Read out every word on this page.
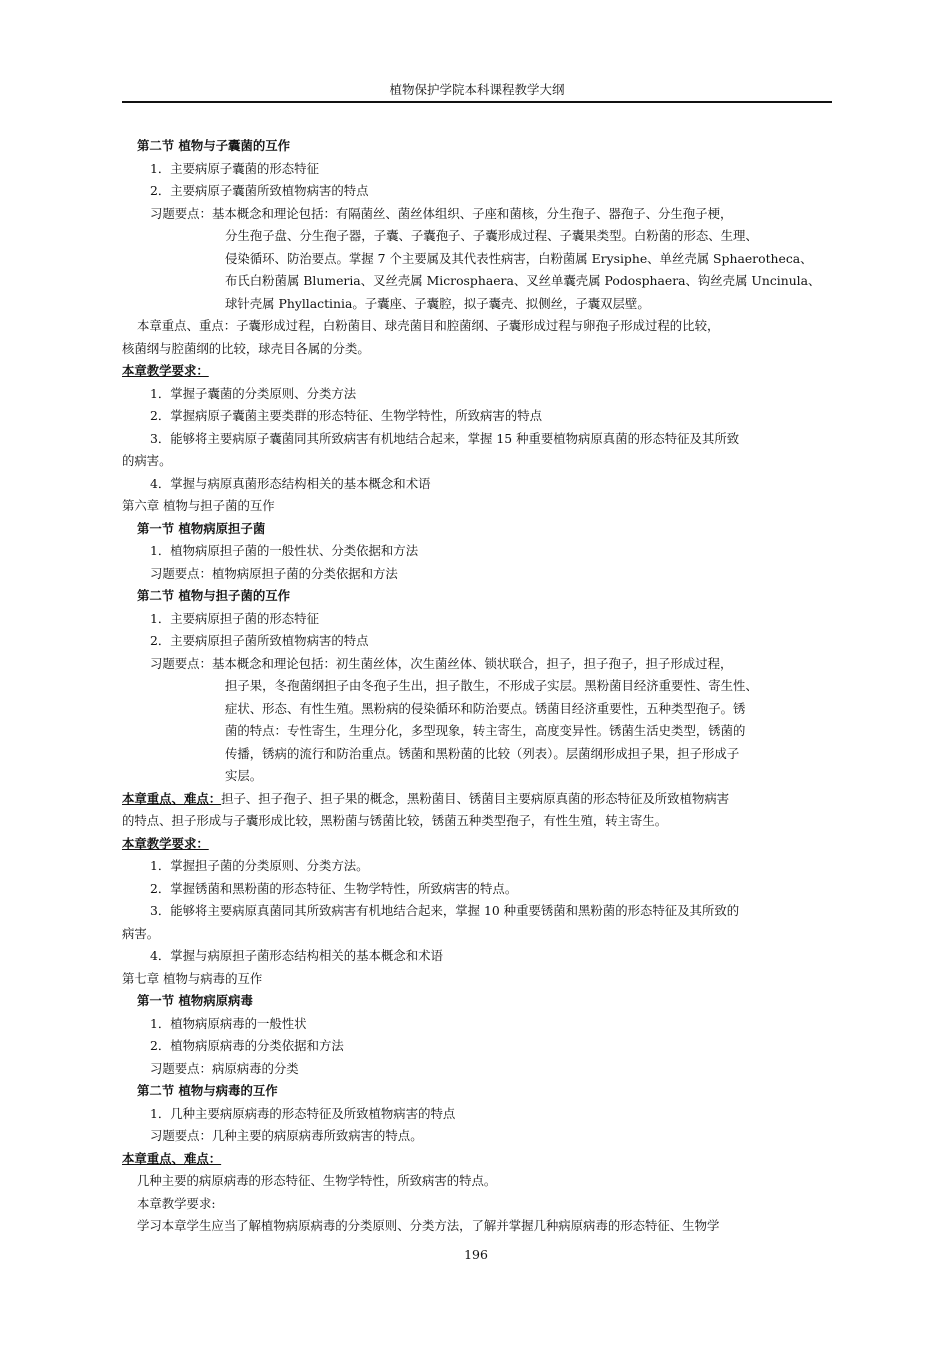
植物保护学院本科课程教学大纲
第二节 植物与子囊菌的互作
1．主要病原子囊菌的形态特征
2．主要病原子囊菌所致植物病害的特点
习题要点：基本概念和理论包括：有隔菌丝、菌丝体组织、子座和菌核，分生孢子、器孢子、分生孢子梗，
分生孢子盘、分生孢子器，子囊、子囊孢子、子囊形成过程、子囊果类型。白粉菌的形态、生理、
侵染循环、防治要点。掌握 7 个主要属及其代表性病害，白粉菌属 Erysiphe、单丝壳属 Sphaerotheca、
布氏白粉菌属 Blumeria、叉丝壳属 Microsphaera、叉丝单囊壳属 Podosphaera、钩丝壳属 Uncinula、
球针壳属 Phyllactinia。子囊座、子囊腔，拟子囊壳、拟侧丝，子囊双层壁。
本章重点、重点：子囊形成过程，白粉菌目、球壳菌目和腔菌纲、子囊形成过程与卵孢子形成过程的比较，
核菌纲与腔菌纲的比较，球壳目各属的分类。
本章教学要求：
1．掌握子囊菌的分类原则、分类方法
2．掌握病原子囊菌主要类群的形态特征、生物学特性，所致病害的特点
3．能够将主要病原子囊菌同其所致病害有机地结合起来，掌握 15 种重要植物病原真菌的形态特征及其所致
的病害。
4．掌握与病原真菌形态结构相关的基本概念和术语
第六章 植物与担子菌的互作
第一节 植物病原担子菌
1．植物病原担子菌的一般性状、分类依据和方法
习题要点：植物病原担子菌的分类依据和方法
第二节 植物与担子菌的互作
1．主要病原担子菌的形态特征
2．主要病原担子菌所致植物病害的特点
习题要点：基本概念和理论包括：初生菌丝体，次生菌丝体、锁状联合，担子，担子孢子，担子形成过程，
担子果，冬孢菌纲担子由冬孢子生出，担子散生，不形成子实层。黑粉菌目经济重要性、寄生性、
症状、形态、有性生殖。黑粉病的侵染循环和防治要点。锈菌目经济重要性，五种类型孢子。锈
菌的特点：专性寄生，生理分化，多型现象，转主寄生，高度变异性。锈菌生活史类型，锈菌的
传播，锈病的流行和防治重点。锈菌和黑粉菌的比较（列表）。层菌纲形成担子果，担子形成子
实层。
本章重点、难点：担子、担子孢子、担子果的概念，黑粉菌目、锈菌目主要病原真菌的形态特征及所致植物病害
的特点、担子形成与子囊形成比较，黑粉菌与锈菌比较，锈菌五种类型孢子，有性生殖，转主寄生。
本章教学要求：
1．掌握担子菌的分类原则、分类方法。
2．掌握锈菌和黑粉菌的形态特征、生物学特性，所致病害的特点。
3．能够将主要病原真菌同其所致病害有机地结合起来，掌握 10 种重要锈菌和黑粉菌的形态特征及其所致的
病害。
4．掌握与病原担子菌形态结构相关的基本概念和术语
第七章 植物与病毒的互作
第一节 植物病原病毒
1．植物病原病毒的一般性状
2．植物病原病毒的分类依据和方法
习题要点：病原病毒的分类
第二节 植物与病毒的互作
1．几种主要病原病毒的形态特征及所致植物病害的特点
习题要点：几种主要的病原病毒所致病害的特点。
本章重点、难点：
几种主要的病原病毒的形态特征、生物学特性，所致病害的特点。
本章教学要求:
学习本章学生应当了解植物病原病毒的分类原则、分类方法，了解并掌握几种病原病毒的形态特征、生物学
196
